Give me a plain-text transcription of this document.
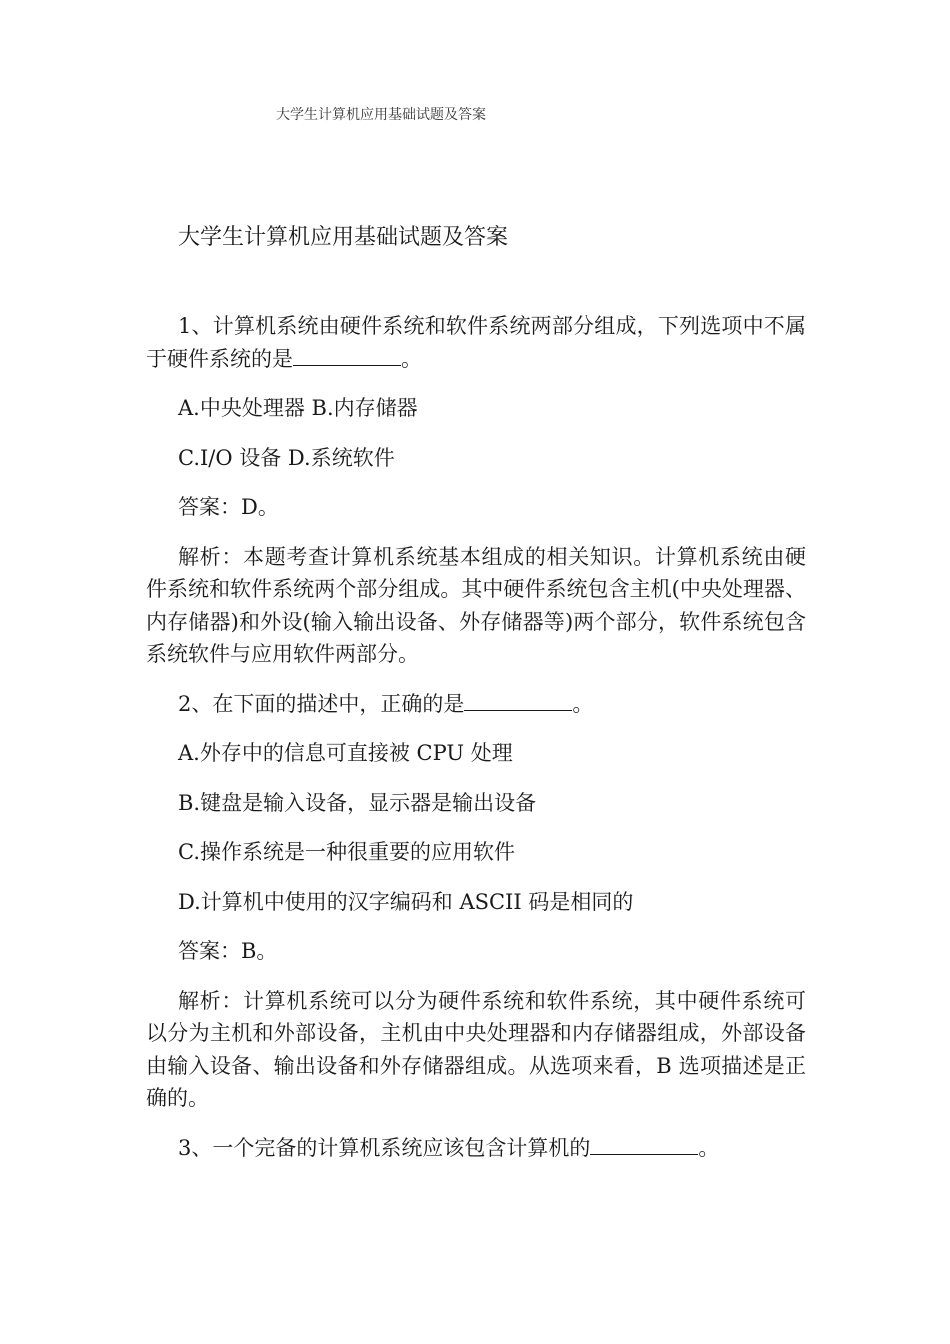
大学生计算机应用基础试题及答案
大学生计算机应用基础试题及答案

1、计算机系统由硬件系统和软件系统两部分组成，下列选项中不属于硬件系统的是	。

A.中央处理器 B.内存储器

C.I/O 设备 D.系统软件

答案：D。

解析：本题考查计算机系统基本组成的相关知识。计算机系统由硬件系统和软件系统两个部分组成。其中硬件系统包含主机(中央处理器、内存储器)和外设(输入输出设备、外存储器等)两个部分，软件系统包含系统软件与应用软件两部分。

2、在下面的描述中，正确的是	。

A.外存中的信息可直接被 CPU 处理

B.键盘是输入设备，显示器是输出设备

C.操作系统是一种很重要的应用软件

D.计算机中使用的汉字编码和 ASCII 码是相同的

答案：B。

解析：计算机系统可以分为硬件系统和软件系统，其中硬件系统可以分为主机和外部设备，主机由中央处理器和内存储器组成，外部设备由输入设备、输出设备和外存储器组成。从选项来看，B 选项描述是正确的。

3、一个完备的计算机系统应该包含计算机的	。
